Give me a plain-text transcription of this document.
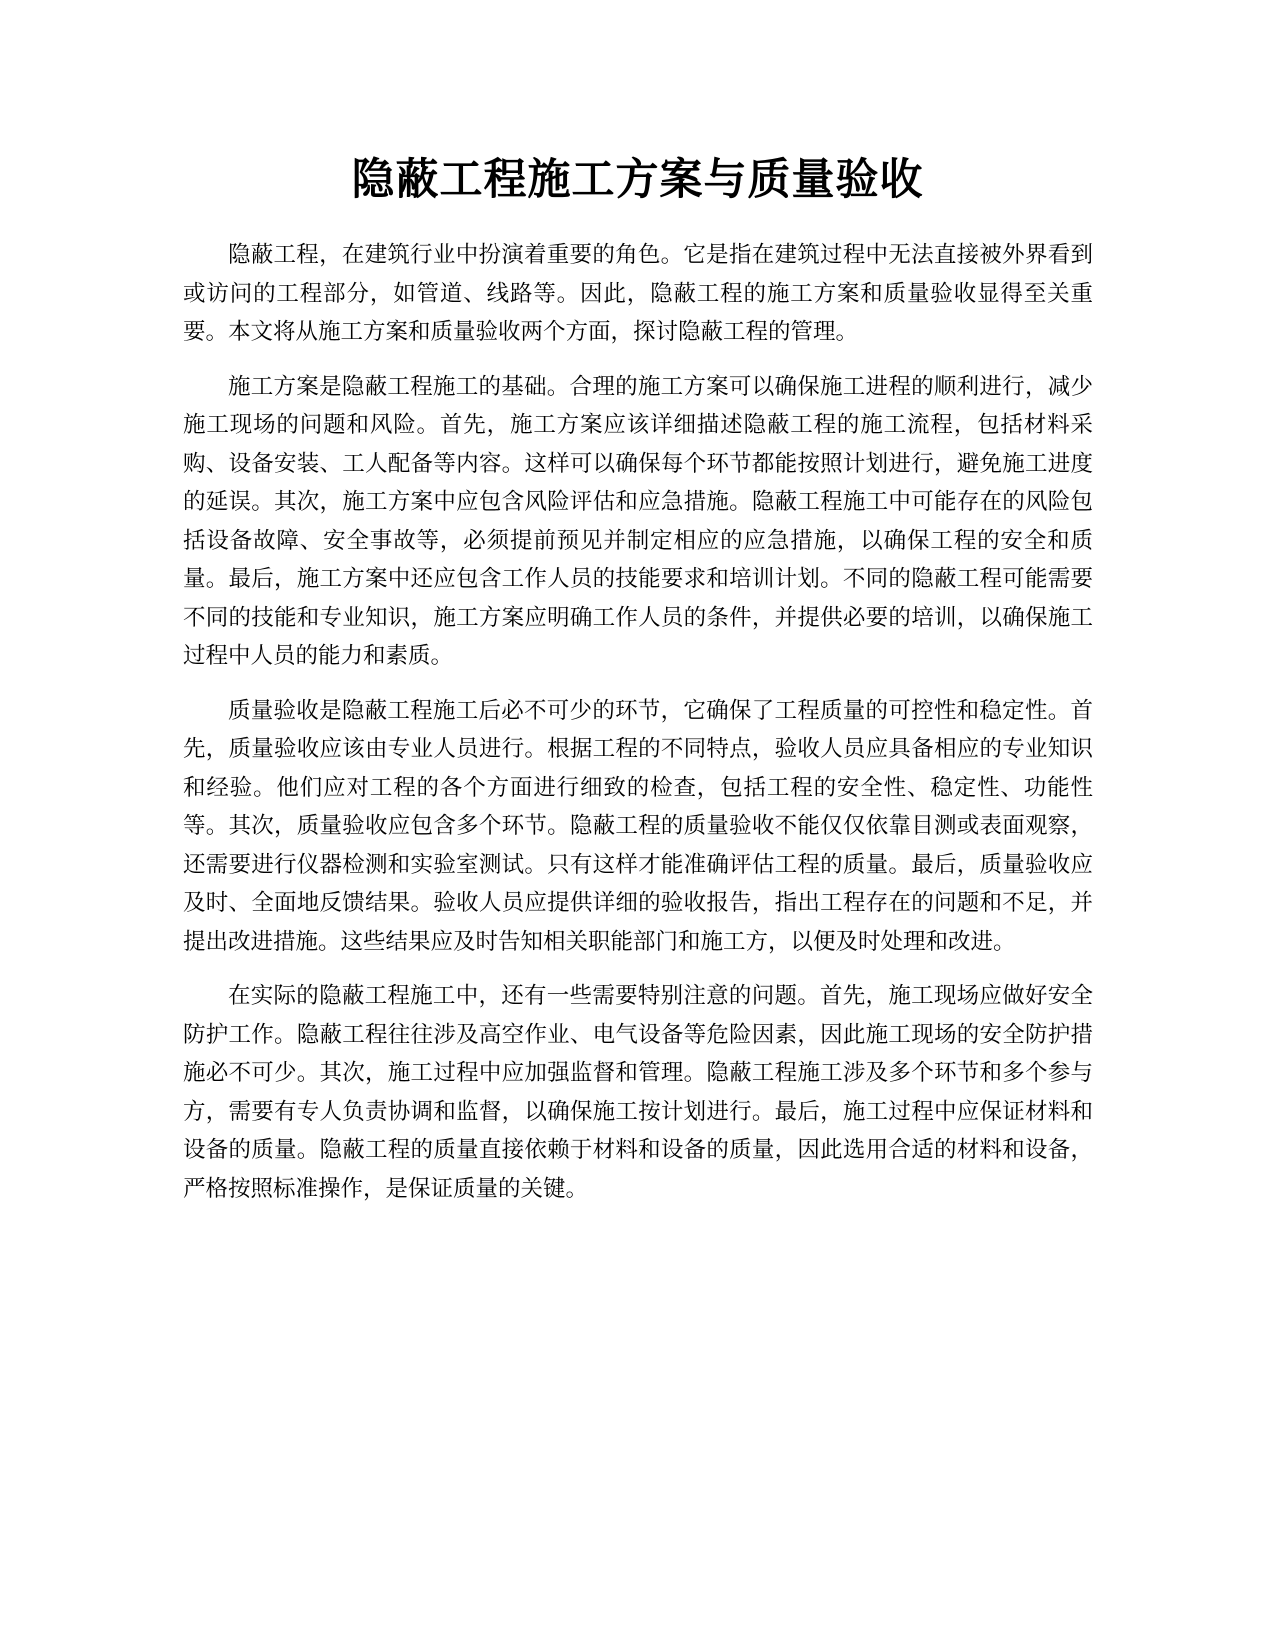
隐蔽工程施工方案与质量验收

隐蔽工程，在建筑行业中扮演着重要的角色。它是指在建筑过程中无法直接被外界看到或访问的工程部分，如管道、线路等。因此，隐蔽工程的施工方案和质量验收显得至关重要。本文将从施工方案和质量验收两个方面，探讨隐蔽工程的管理。

施工方案是隐蔽工程施工的基础。合理的施工方案可以确保施工进程的顺利进行，减少施工现场的问题和风险。首先，施工方案应该详细描述隐蔽工程的施工流程，包括材料采购、设备安装、工人配备等内容。这样可以确保每个环节都能按照计划进行，避免施工进度的延误。其次，施工方案中应包含风险评估和应急措施。隐蔽工程施工中可能存在的风险包括设备故障、安全事故等，必须提前预见并制定相应的应急措施，以确保工程的安全和质量。最后，施工方案中还应包含工作人员的技能要求和培训计划。不同的隐蔽工程可能需要不同的技能和专业知识，施工方案应明确工作人员的条件，并提供必要的培训，以确保施工过程中人员的能力和素质。

质量验收是隐蔽工程施工后必不可少的环节，它确保了工程质量的可控性和稳定性。首先，质量验收应该由专业人员进行。根据工程的不同特点，验收人员应具备相应的专业知识和经验。他们应对工程的各个方面进行细致的检查，包括工程的安全性、稳定性、功能性等。其次，质量验收应包含多个环节。隐蔽工程的质量验收不能仅仅依靠目测或表面观察，还需要进行仪器检测和实验室测试。只有这样才能准确评估工程的质量。最后，质量验收应及时、全面地反馈结果。验收人员应提供详细的验收报告，指出工程存在的问题和不足，并提出改进措施。这些结果应及时告知相关职能部门和施工方，以便及时处理和改进。

在实际的隐蔽工程施工中，还有一些需要特别注意的问题。首先，施工现场应做好安全防护工作。隐蔽工程往往涉及高空作业、电气设备等危险因素，因此施工现场的安全防护措施必不可少。其次，施工过程中应加强监督和管理。隐蔽工程施工涉及多个环节和多个参与方，需要有专人负责协调和监督，以确保施工按计划进行。最后，施工过程中应保证材料和设备的质量。隐蔽工程的质量直接依赖于材料和设备的质量，因此选用合适的材料和设备，严格按照标准操作，是保证质量的关键。
